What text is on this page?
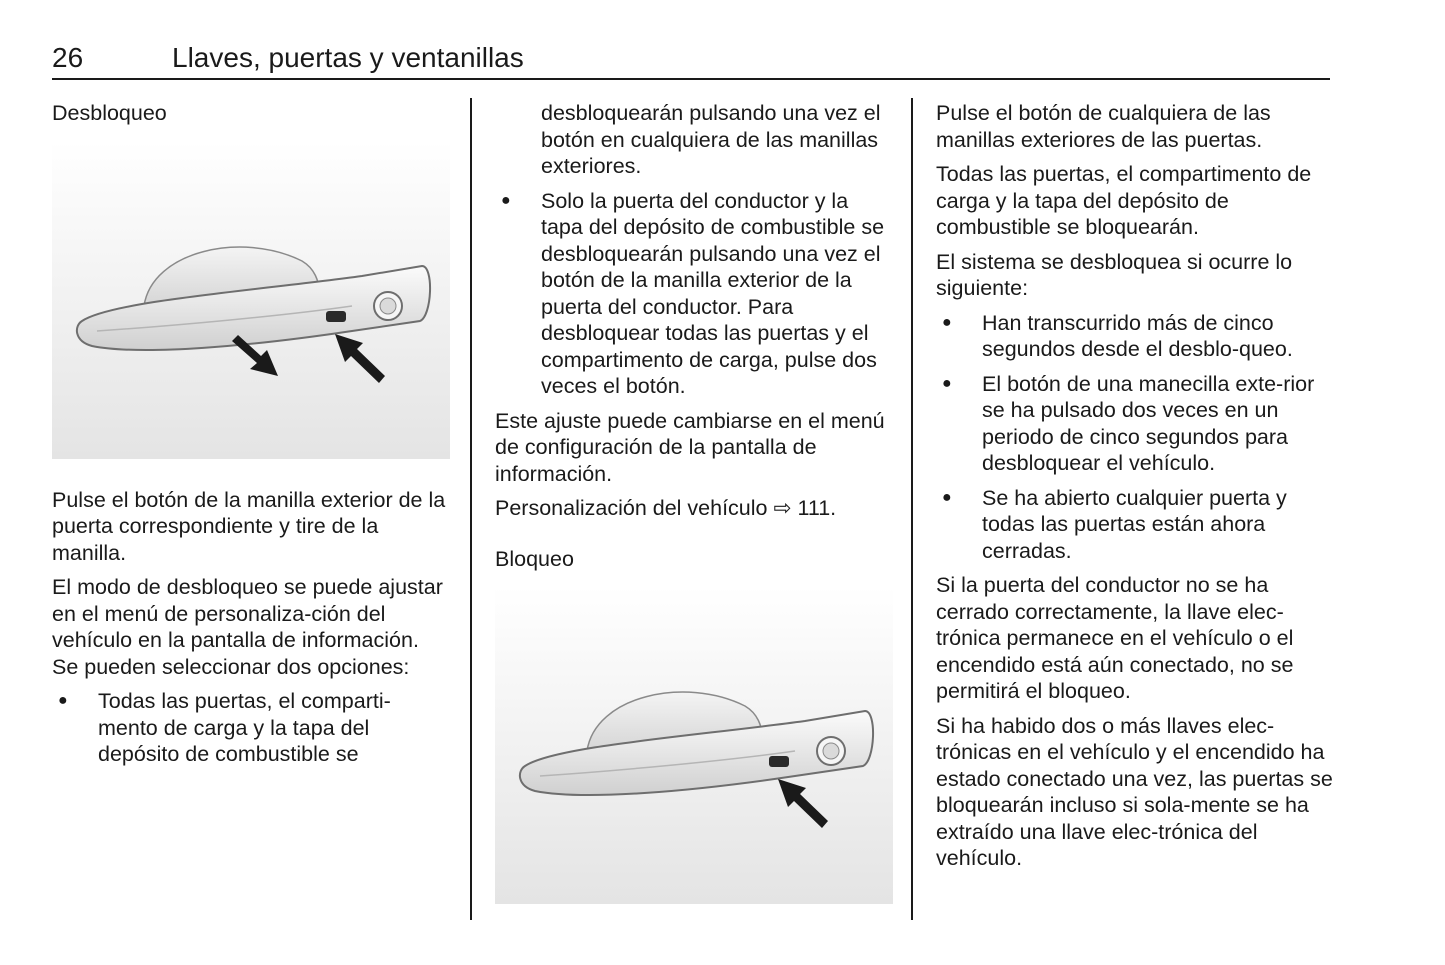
26	Llaves, puertas y ventanillas
Desbloqueo

Pulse el botón de la manilla exterior de la puerta correspondiente y tire de la manilla.

El modo de desbloqueo se puede ajustar en el menú de personaliza-ción del vehículo en la pantalla de información. Se pueden seleccionar dos opciones:

● Todas las puertas, el comparti-mento de carga y la tapa del depósito de combustible se
desbloquearán pulsando una vez el botón en cualquiera de las manillas exteriores.
● Solo la puerta del conductor y la tapa del depósito de combustible se desbloquearán pulsando una vez el botón de la manilla exterior de la puerta del conductor. Para desbloquear todas las puertas y el compartimento de carga, pulse dos veces el botón.

Este ajuste puede cambiarse en el menú de configuración de la pantalla de información.

Personalización del vehículo ⇨ 111.

Bloqueo

Pulse el botón de cualquiera de las manillas exteriores de las puertas.

Todas las puertas, el compartimento de carga y la tapa del depósito de combustible se bloquearán.

El sistema se desbloquea si ocurre lo siguiente:

● Han transcurrido más de cinco segundos desde el desblo-queo.
● El botón de una manecilla exte-rior se ha pulsado dos veces en un periodo de cinco segundos para desbloquear el vehículo.
● Se ha abierto cualquier puerta y todas las puertas están ahora cerradas.

Si la puerta del conductor no se ha cerrado correctamente, la llave elec-trónica permanece en el vehículo o el encendido está aún conectado, no se permitirá el bloqueo.

Si ha habido dos o más llaves elec-trónicas en el vehículo y el encendido ha estado conectado una vez, las puertas se bloquearán incluso si sola-mente se ha extraído una llave elec-trónica del vehículo.
